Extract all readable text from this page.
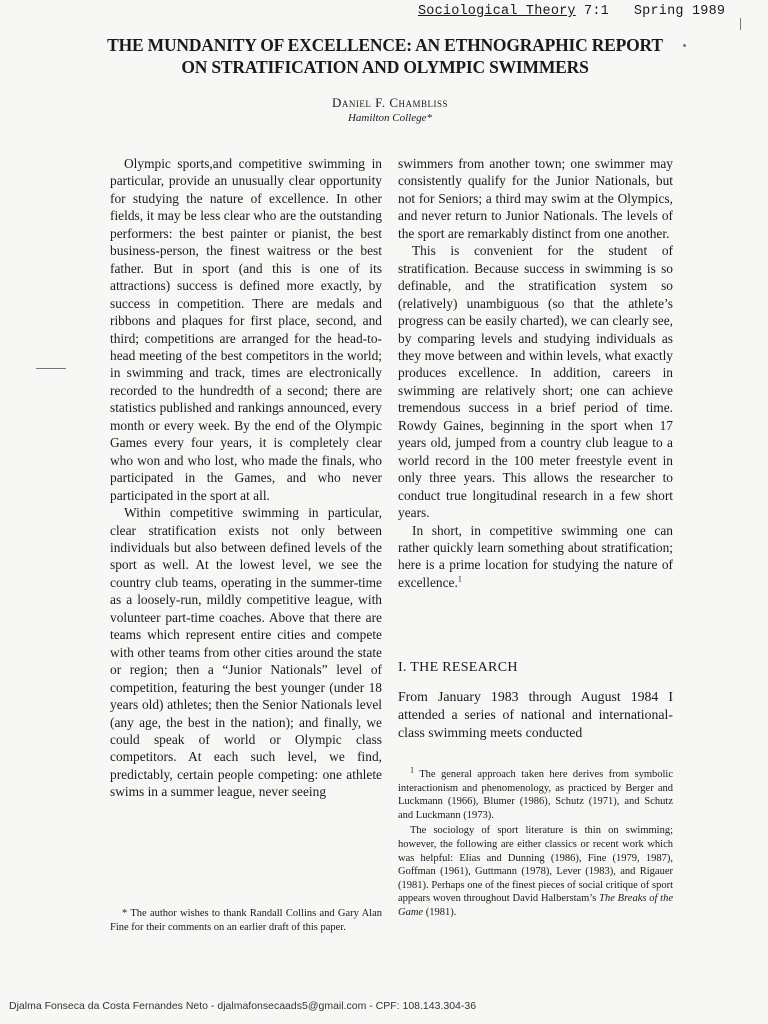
Sociological Theory 7:1 Spring 1989
THE MUNDANITY OF EXCELLENCE: AN ETHNOGRAPHIC REPORT
ON STRATIFICATION AND OLYMPIC SWIMMERS
Daniel F. Chambliss
Hamilton College*

Olympic sports,and competitive swimming in particular, provide an unusually clear opportunity for studying the nature of excellence. In other fields, it may be less clear who are the outstanding performers: the best painter or pianist, the best business-person, the finest waitress or the best father. But in sport (and this is one of its attractions) success is defined more exactly, by success in competition. There are medals and ribbons and plaques for first place, second, and third; competitions are arranged for the head-to-head meeting of the best competitors in the world; in swimming and track, times are electronically recorded to the hundredth of a second; there are statistics published and rankings announced, every month or every week. By the end of the Olympic Games every four years, it is completely clear who won and who lost, who made the finals, who participated in the Games, and who never participated in the sport at all.

Within competitive swimming in particular, clear stratification exists not only between individuals but also between defined levels of the sport as well. At the lowest level, we see the country club teams, operating in the summer-time as a loosely-run, mildly competitive league, with volunteer part-time coaches. Above that there are teams which represent entire cities and compete with other teams from other cities around the state or region; then a “Junior Nationals” level of competition, featuring the best younger (under 18 years old) athletes; then the Senior Nationals level (any age, the best in the nation); and finally, we could speak of world or Olympic class competitors. At each such level, we find, predictably, certain people competing: one athlete swims in a summer league, never seeing

swimmers from another town; one swimmer may consistently qualify for the Junior Nationals, but not for Seniors; a third may swim at the Olympics, and never return to Junior Nationals. The levels of the sport are remarkably distinct from one another.

This is convenient for the student of stratification. Because success in swimming is so definable, and the stratification system so (relatively) unambiguous (so that the athlete’s progress can be easily charted), we can clearly see, by comparing levels and studying individuals as they move between and within levels, what exactly produces excellence. In addition, careers in swimming are relatively short; one can achieve tremendous success in a brief period of time. Rowdy Gaines, beginning in the sport when 17 years old, jumped from a country club league to a world record in the 100 meter freestyle event in only three years. This allows the researcher to conduct true longitudinal research in a few short years.

In short, in competitive swimming one can rather quickly learn something about stratification; here is a prime location for studying the nature of excellence.$^1$

I. THE RESEARCH

From January 1983 through August 1984 I attended a series of national and international-class swimming meets conducted

$^1$ The general approach taken here derives from symbolic interactionism and phenomenology, as practiced by Berger and Luckmann (1966), Blumer (1986), Schutz (1971), and Schutz and Luckmann (1973).

The sociology of sport literature is thin on swimming; however, the following are either classics or recent work which was helpful: Elias and Dunning (1986), Fine (1979, 1987), Goffman (1961), Guttmann (1978), Lever (1983), and Rigauer (1981). Perhaps one of the finest pieces of social critique of sport appears woven throughout David Halberstam’s The Breaks of the Game (1981).

* The author wishes to thank Randall Collins and Gary Alan Fine for their comments on an earlier draft of this paper.

Djalma Fonseca da Costa Fernandes Neto - djalmafonsecaads5@gmail.com - CPF: 108.143.304-36
